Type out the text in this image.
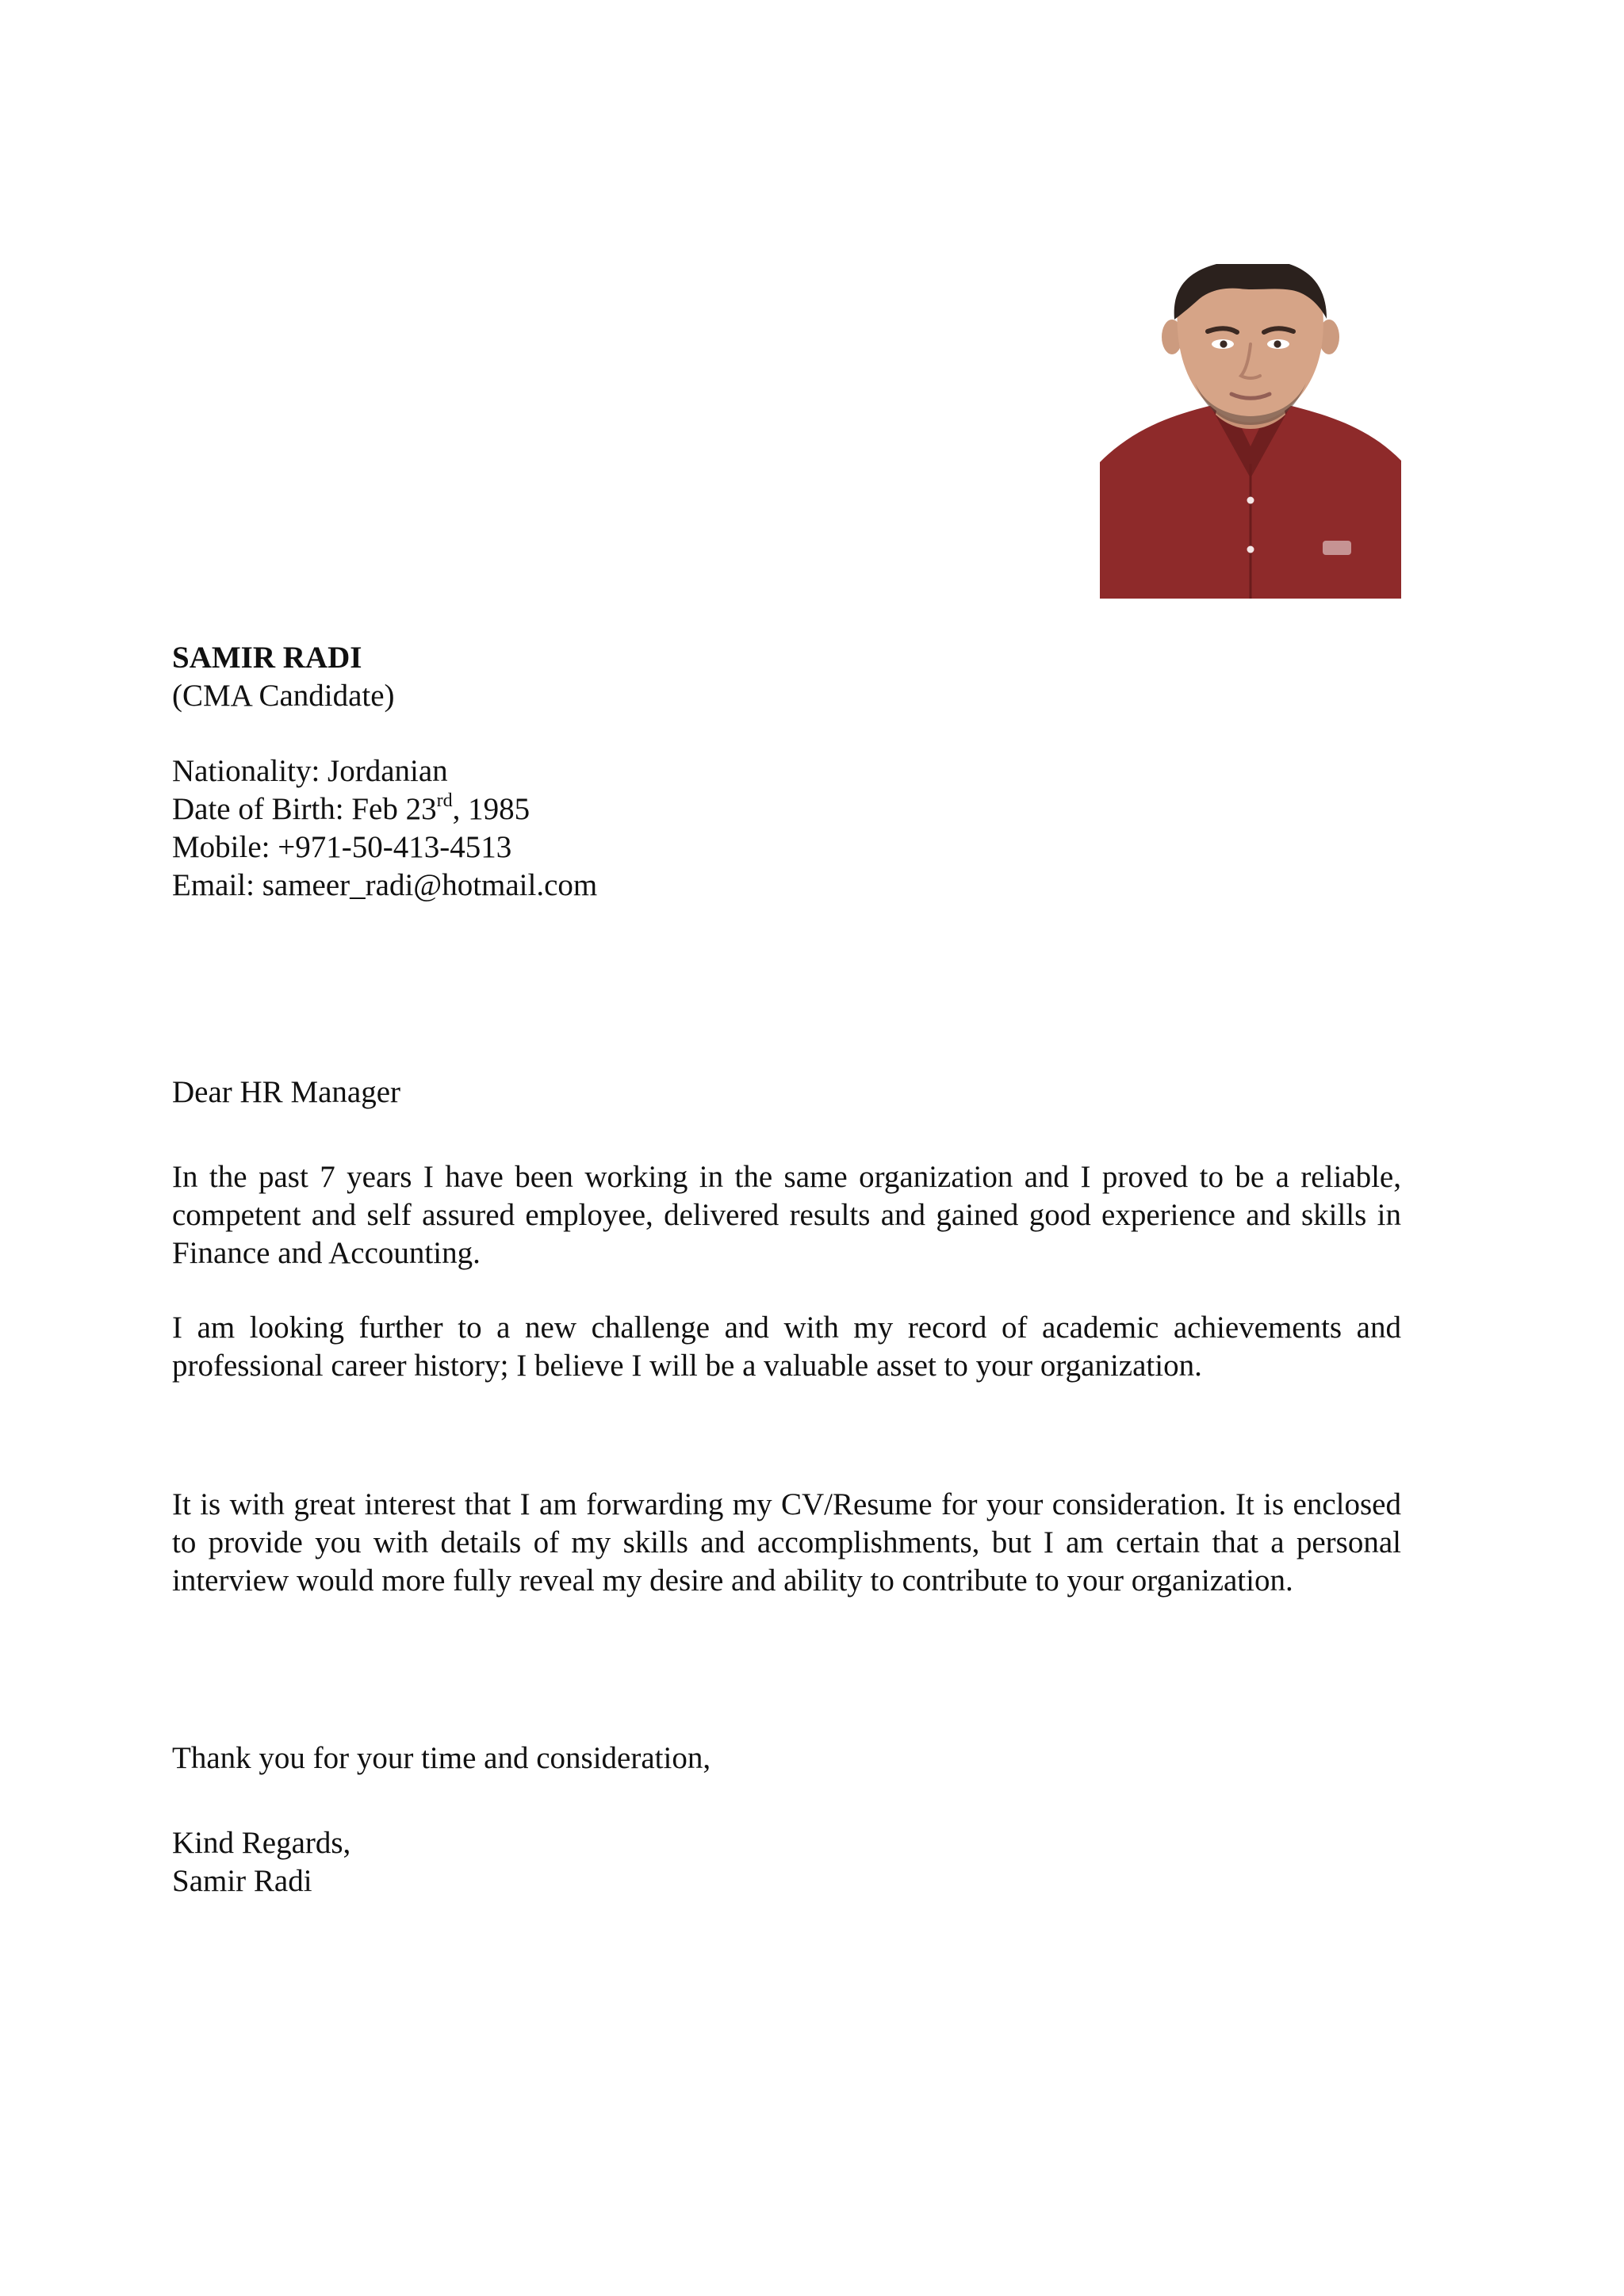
SAMIR RADI

(CMA Candidate)

Nationality: Jordanian

Date of Birth: Feb 23rd, 1985

Mobile: +971-50-413-4513

Email: sameer_radi@hotmail.com

Dear HR Manager

In the past 7 years I have been working in the same organization and I proved to be a reliable, competent and self assured employee, delivered results and gained good experience and skills in Finance and Accounting.

I am looking further to a new challenge and with my record of academic achievements and professional career history; I believe I will be a valuable asset to your organization.

It is with great interest that I am forwarding my CV/Resume for your consideration. It is enclosed to provide you with details of my skills and accomplishments, but I am certain that a personal interview would more fully reveal my desire and ability to contribute to your organization.

Thank you for your time and consideration,

Kind Regards,

Samir Radi
